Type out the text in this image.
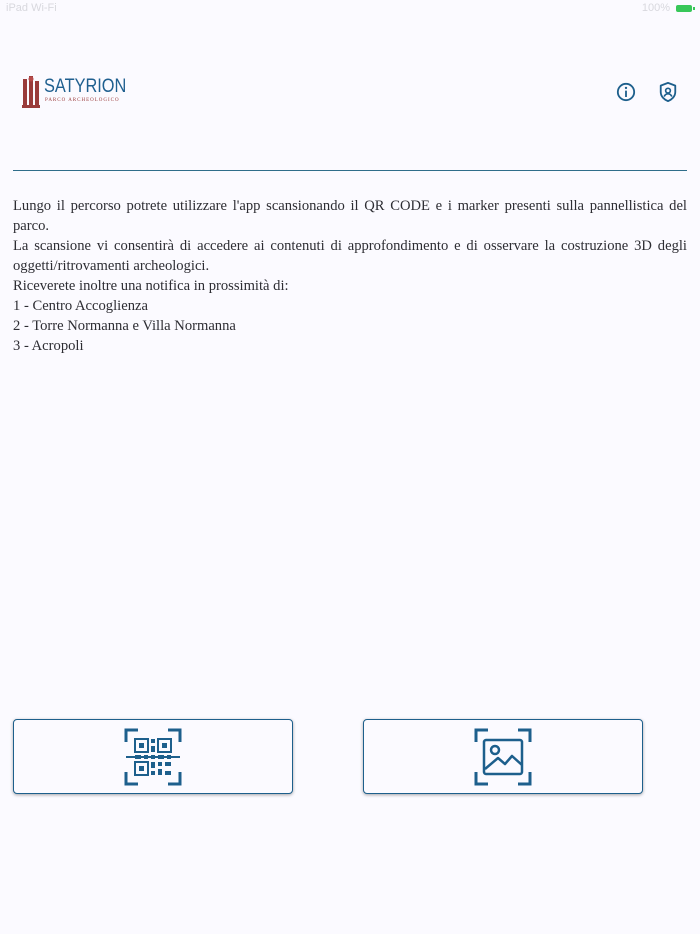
iPad Wi-Fi	100%
SATYRION
PARCO ARCHEOLOGICO

Lungo il percorso potrete utilizzare l'app scansionando il QR CODE e i marker presenti sulla pannellistica del parco.

La scansione vi consentirà di accedere ai contenuti di approfondimento e di osservare la costruzione 3D degli oggetti/ritrovamenti archeologici.

Riceverete inoltre una notifica in prossimità di:

1 - Centro Accoglienza

2 - Torre Normanna e Villa Normanna

3 - Acropoli
